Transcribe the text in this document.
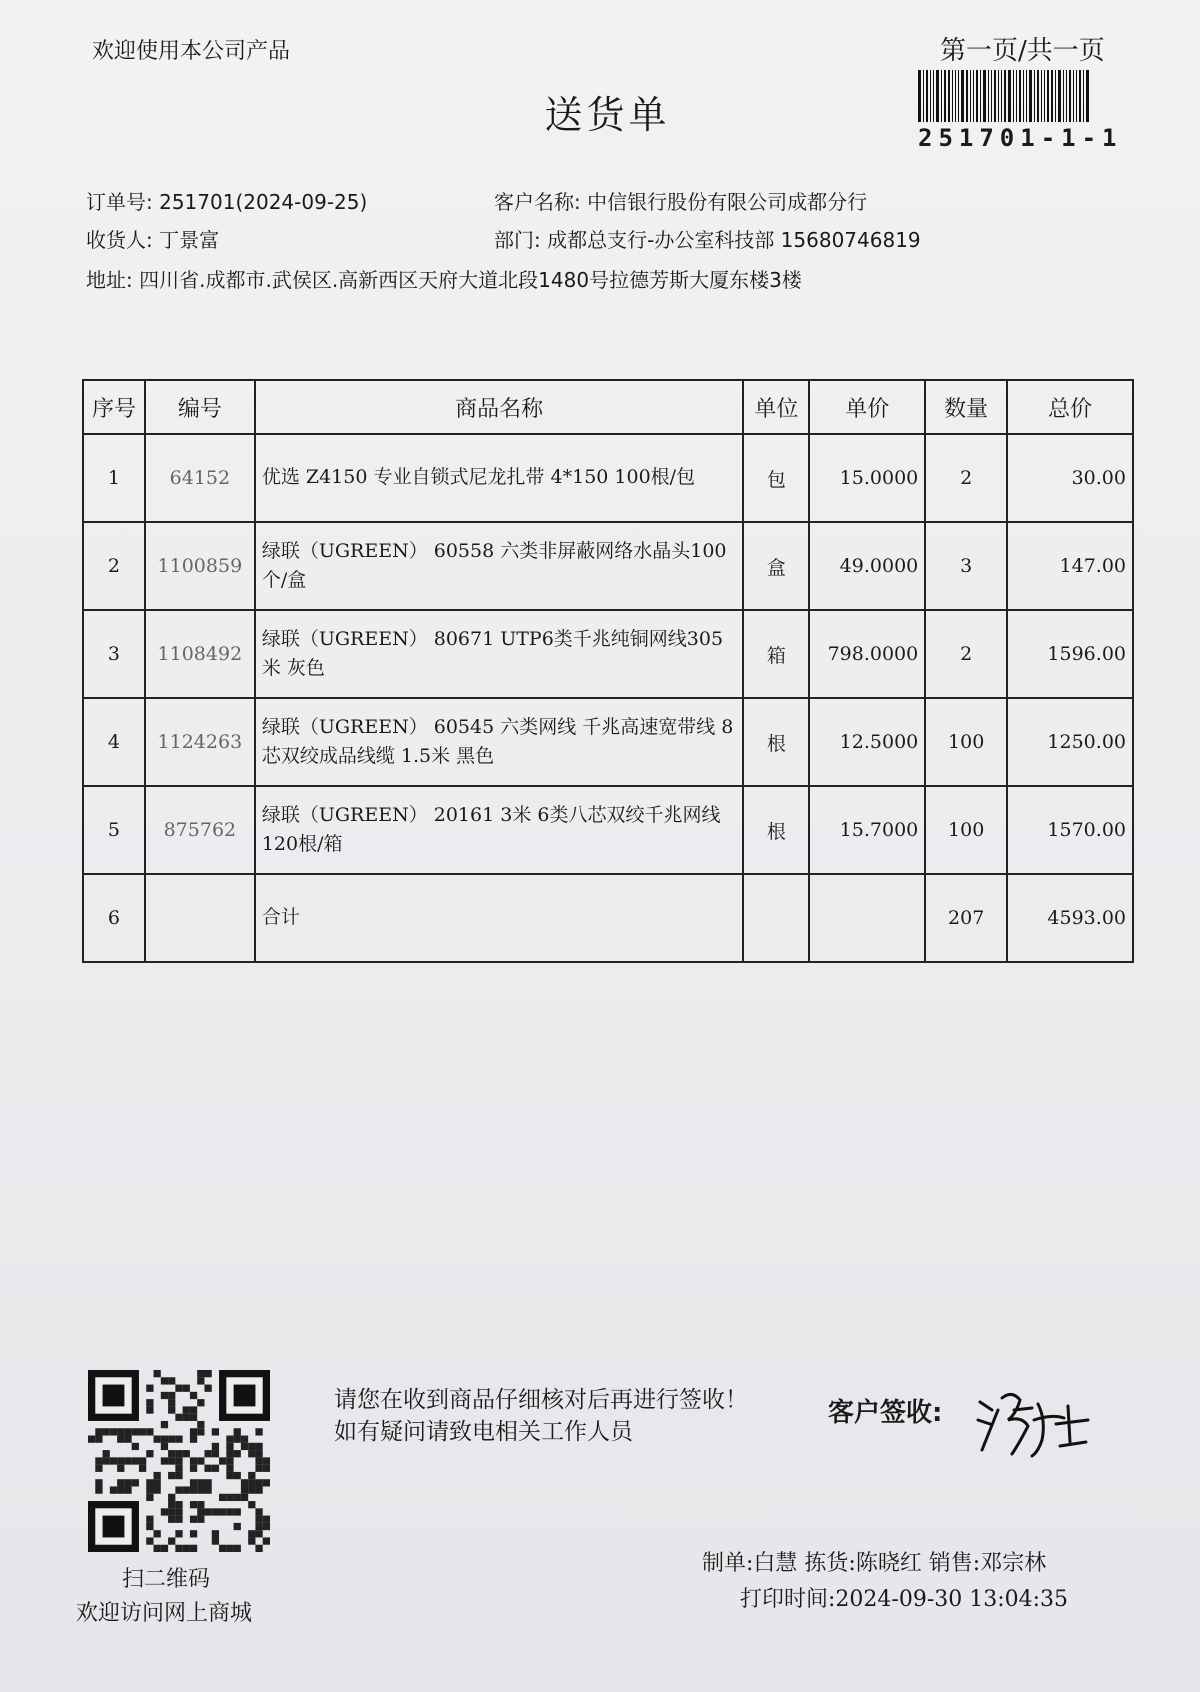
欢迎使用本公司产品	第一页/共一页
送货单
251701-1-1
订单号: 251701(2024-09-25)	客户名称: 中信银行股份有限公司成都分行
收货人: 丁景富	部门: 成都总支行-办公室科技部 15680746819
地址: 四川省.成都市.武侯区.高新西区天府大道北段1480号拉德芳斯大厦东楼3楼
序号	编号	商品名称	单位	单价	数量	总价
1	64152	优选 Z4150 专业自锁式尼龙扎带 4*150 100根/包	包	15.0000	2	30.00
2	1100859	绿联（UGREEN） 60558 六类非屏蔽网络水晶头100个/盒	盒	49.0000	3	147.00
3	1108492	绿联（UGREEN） 80671 UTP6类千兆纯铜网线305米 灰色	箱	798.0000	2	1596.00
4	1124263	绿联（UGREEN） 60545 六类网线 千兆高速宽带线 8芯双绞成品线缆 1.5米 黑色	根	12.5000	100	1250.00
5	875762	绿联（UGREEN） 20161 3米 6类八芯双绞千兆网线 120根/箱	根	15.7000	100	1570.00
6		合计			207	4593.00
扫二维码
欢迎访问网上商城
请您在收到商品仔细核对后再进行签收！如有疑问请致电相关工作人员
客户签收:
制单:白慧 拣货:陈晓红 销售:邓宗林
打印时间:2024-09-30 13:04:35
